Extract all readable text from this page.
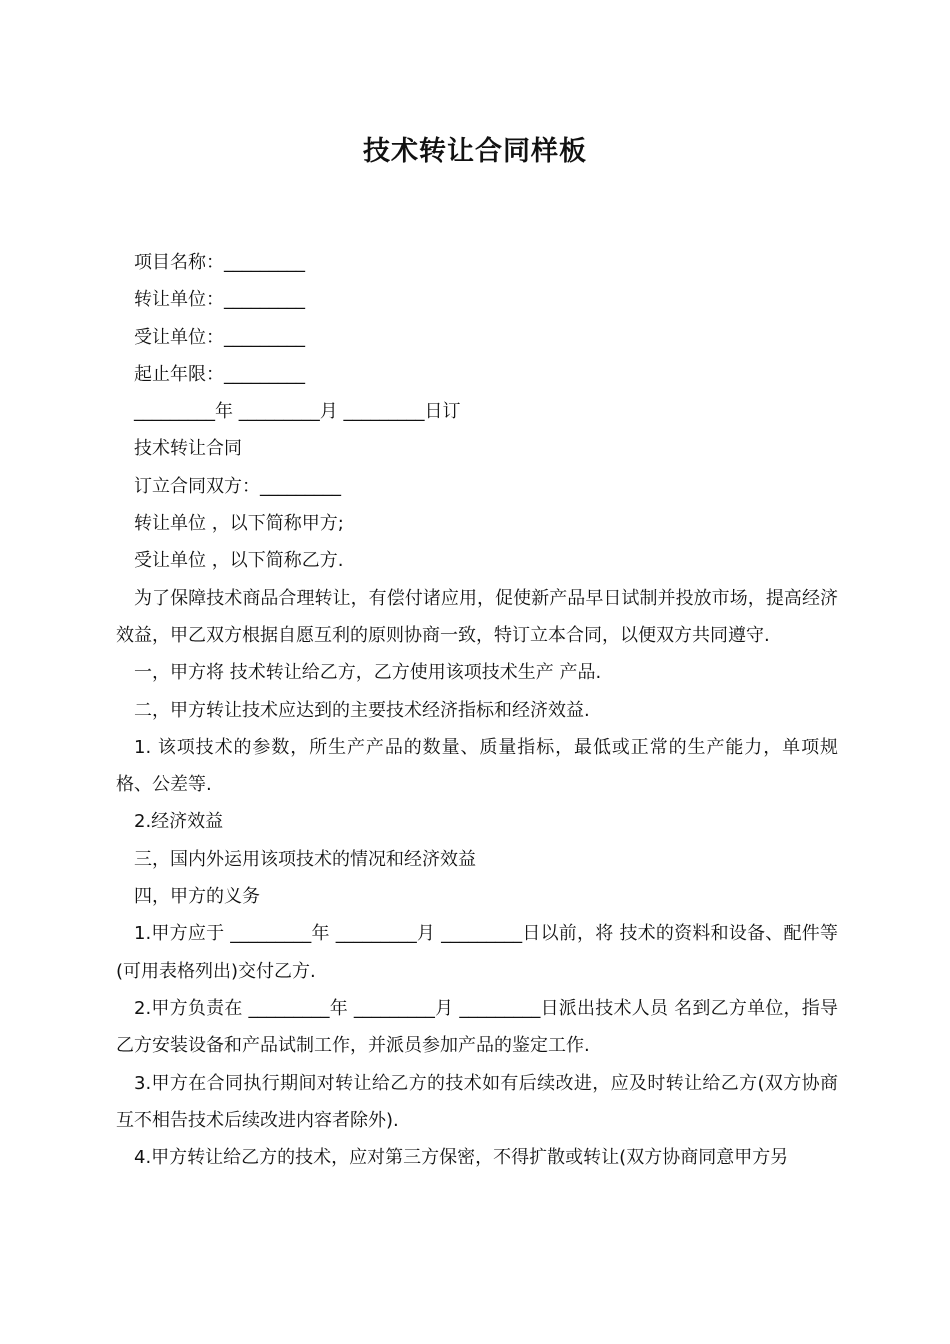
技术转让合同样板

项目名称：_________

转让单位：_________

受让单位：_________

起止年限：_________

_________年 _________月 _________日订

技术转让合同

订立合同双方：_________

转让单位 ，以下简称甲方;

受让单位 ，以下简称乙方.

为了保障技术商品合理转让，有偿付诸应用，促使新产品早日试制并投放市场，提高经济效益，甲乙双方根据自愿互利的原则协商一致，特订立本合同，以便双方共同遵守.

一，甲方将 技术转让给乙方，乙方使用该项技术生产 产品.

二，甲方转让技术应达到的主要技术经济指标和经济效益.

1. 该项技术的参数，所生产产品的数量、质量指标，最低或正常的生产能力，单项规格、公差等.

2.经济效益

三，国内外运用该项技术的情况和经济效益

四，甲方的义务

1.甲方应于 _________年 _________月 _________日以前，将 技术的资料和设备、配件等(可用表格列出)交付乙方.

2.甲方负责在 _________年 _________月 _________日派出技术人员 名到乙方单位，指导乙方安装设备和产品试制工作，并派员参加产品的鉴定工作.

3.甲方在合同执行期间对转让给乙方的技术如有后续改进，应及时转让给乙方(双方协商互不相告技术后续改进内容者除外).

4.甲方转让给乙方的技术，应对第三方保密，不得扩散或转让(双方协商同意甲方另
